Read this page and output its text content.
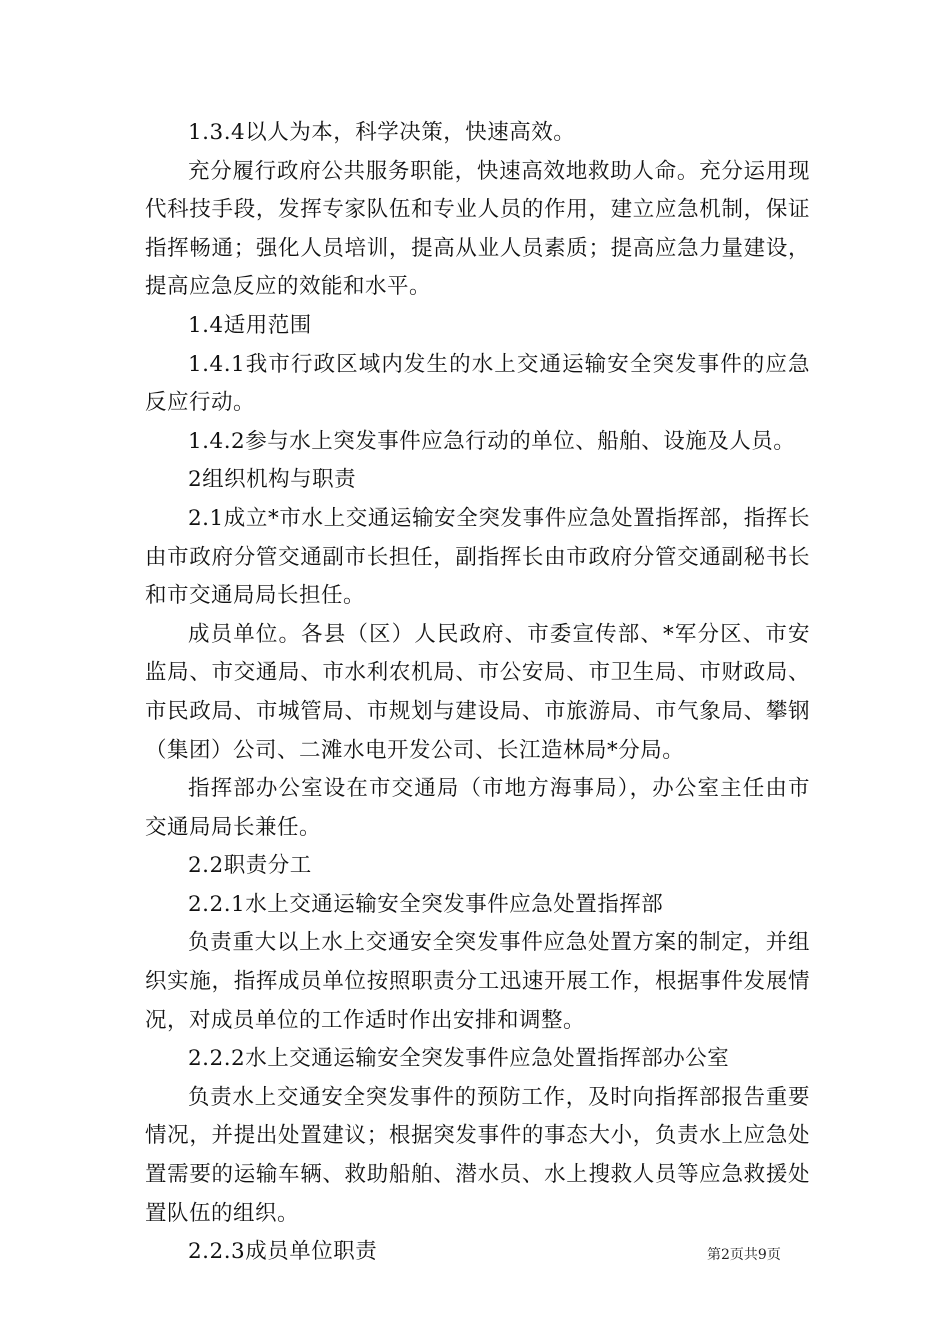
1.3.4以人为本，科学决策，快速高效。

充分履行政府公共服务职能，快速高效地救助人命。充分运用现代科技手段，发挥专家队伍和专业人员的作用，建立应急机制，保证指挥畅通；强化人员培训，提高从业人员素质；提高应急力量建设，提高应急反应的效能和水平。

1.4适用范围

1.4.1我市行政区域内发生的水上交通运输安全突发事件的应急反应行动。

1.4.2参与水上突发事件应急行动的单位、船舶、设施及人员。

2组织机构与职责

2.1成立*市水上交通运输安全突发事件应急处置指挥部，指挥长由市政府分管交通副市长担任，副指挥长由市政府分管交通副秘书长和市交通局局长担任。

成员单位。各县（区）人民政府、市委宣传部、*军分区、市安监局、市交通局、市水利农机局、市公安局、市卫生局、市财政局、市民政局、市城管局、市规划与建设局、市旅游局、市气象局、攀钢（集团）公司、二滩水电开发公司、长江造林局*分局。

指挥部办公室设在市交通局（市地方海事局），办公室主任由市交通局局长兼任。

2.2职责分工

2.2.1水上交通运输安全突发事件应急处置指挥部

负责重大以上水上交通安全突发事件应急处置方案的制定，并组织实施，指挥成员单位按照职责分工迅速开展工作，根据事件发展情况，对成员单位的工作适时作出安排和调整。

2.2.2水上交通运输安全突发事件应急处置指挥部办公室

负责水上交通安全突发事件的预防工作，及时向指挥部报告重要情况，并提出处置建议；根据突发事件的事态大小，负责水上应急处置需要的运输车辆、救助船舶、潜水员、水上搜救人员等应急救援处置队伍的组织。

2.2.3成员单位职责	第2页共9页
